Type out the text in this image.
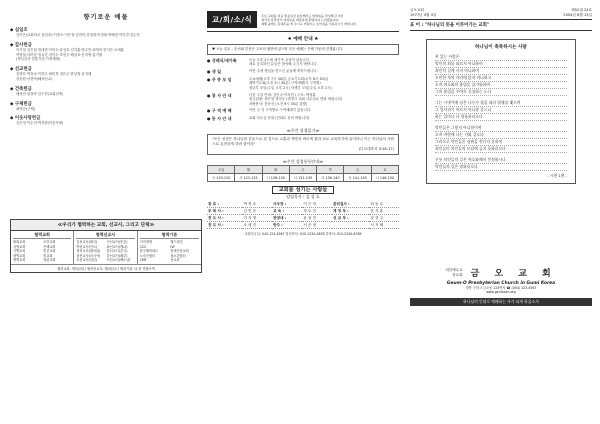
향기로운 예물
◆ 십일조
김이은(교회학교 십일조)·이현오·이은정·김현미·김영희·이정희·박혜경·이미경·김수연
◆ 감사헌금
이기철·김은희·정대현·이미숙·윤성호·김지훈·박수민·최영미·한지은·오세훈
이병철·서미란·정유진·강민수·조현주·배성호·신지영·홍기원
(생일감사·결혼기념·가정예배)
◆ 선교헌금
김영호·박정숙·이현우·최미경·정은주·한상철·윤지혜
강동원·서현아(해외선교)
◆ 건축헌금
배성민·임정아·김도현(교회건축)
◆ 구제헌금
최명순(구제)
◆ 이웃사랑헌금
김은정·이수민·박지원(이웃사랑)
≪우리가 협력하는 교회, 선교사, 그리고 단체≫
협력교회
평화교회	소망교회
사랑교회	은혜교회
기쁨교회	믿음교회
새벽교회	빛교회
생명교회	열린교회
협력선교사
김선교사(태국)	이선교사(몽골)
박선교사(인도)	최선교사(케냐)
정선교사(필리핀)	한선교사(중국)
윤선교사(러시아)	강선교사(페루)
조선교사(일본)	서선교사(베트남)
협력기관
기아대책	월드비전
CCC	IVF
한국해비타트	장애인선교회
노숙인쉼터	청소년쉼터
CMF	선교회
협력교회: 개척교회 / 협력선교사: 해외선교 / 협력기관: 다 한 연합사역
교/회/소/식	주보 교회를 처음 방문하신 분들께서는 방명록을 작성해 주시면
새가족 담당자가 여러분을 따뜻하게 환영하여 드리겠습니다.
예배 중에는 휴대폰을 꺼 주시고 어린이는 유아실을 이용하시기 바랍니다.
♠ 예배 안내 ♠
♥ 오늘 설교 – 순서와 본문은 주보의 뒷면에 있으며 모든 예배는 은혜 가운데 진행됩니다.
● 성례식/새가족	오늘 오후 2시에 새가족 교육이 있습니다.
새로 등록하신 분들은 참석해 주시기 바랍니다.
● 생 일	이번 주에 생일을 맞으신 분들께 축하드립니다.
● 주 중 모 임	수요예배(오후 7시 30분) 금요기도회(오후 8시 30분)
새벽기도회(오전 5시 30분) 구역예배(각 구역별)
청년부 모임(주일 오후 2시) 학생부 모임(주일 오후 1시)
● 봉 사 안 내	다음 주일 안내: 김민수·이지현 / 주보: 박성훈
헌금위원: 최은영·정다운 (변경시 교회 사무실로 연락 바랍니다)
차량봉사: 한동진 (오전 9시 30분 출발)
● 구 역 예 배	이번 주 각 구역별로 구역예배가 있습니다.
● 동 사 안 내	교회 사무실 안내 (전화로 문의 바랍니다)
≪주간 성경읽기≫
"모든 성경은 하나님의 감동으로 된 것으로 교훈과 책망과 바르게 함과 의로 교육하기에 유익하니 이는 하나님의 사람으로 온전하게 하려 함이라"
(디모데후서 3:16-17)
≪주간 성경통독안내≫
주일	월	화	수	목	금	토
시 119-120	시 121-125	시 126-130	시 131-135	시 136-140	시 141-145	시 146-150
교회를 섬기는 사람들
담임목사 : 김 성 호
장 로 :	박 정 호	사무장 :	이 은 미	관리집사 :	최 동 수
부 목 사 :	김 민 준	교 육 :	정 수 진	재 정 부 :	한 지 훈
전 도 사 :	이 지 영	찬양대 :	윤 성 민	선 교 부 :	강 현 주
전 도 사 :	오 세 진	반주 :	서 은 정		서 지 혜
교회사무실: 043-123-4567 담임목사: 010-1234-5678 부목사: 010-2345-6789
금오교회
1977년 4월 4일
제52권 24호
2004년 6월 13일
표 어 : "하나님의 뜻을 이루어가는 교회"
하나님이 축복하시는 사람
복 있는 사람은
악인의 꾀를 따르지 아니하며
죄인의 길에 서지 아니하며
오만한 자의 자리에 앉지 아니하고
오직 여호와의 율법을 즐거워하여
그의 율법을 주야로 묵상하는 도다
그는 시냇가에 심은 나무가 철을 따라 열매를 맺으며
그 잎사귀가 마르지 아니함 같으니
하는 일마다 다 형통하리로다
악인들은 그렇지 아니함이여
오직 바람에 나는 겨와 같도다
그러므로 악인들은 심판을 견디지 못하며
죄인들이 의인들의 모임에 들지 못하리로다
무릇 의인들의 길은 여호와께서 인정하시나
악인들의 길은 망하리로다
- 시편 1편 -
대한예수교
장로회 금 오 교 회
Geum-O Presbyterian Church in Gumi Korea
경북 구미시 금오동 123번지 ☎ (054) 123-4567
www.geumoch.org
하나님의 뜻대로 예배하는 자가 되게 하옵소서
